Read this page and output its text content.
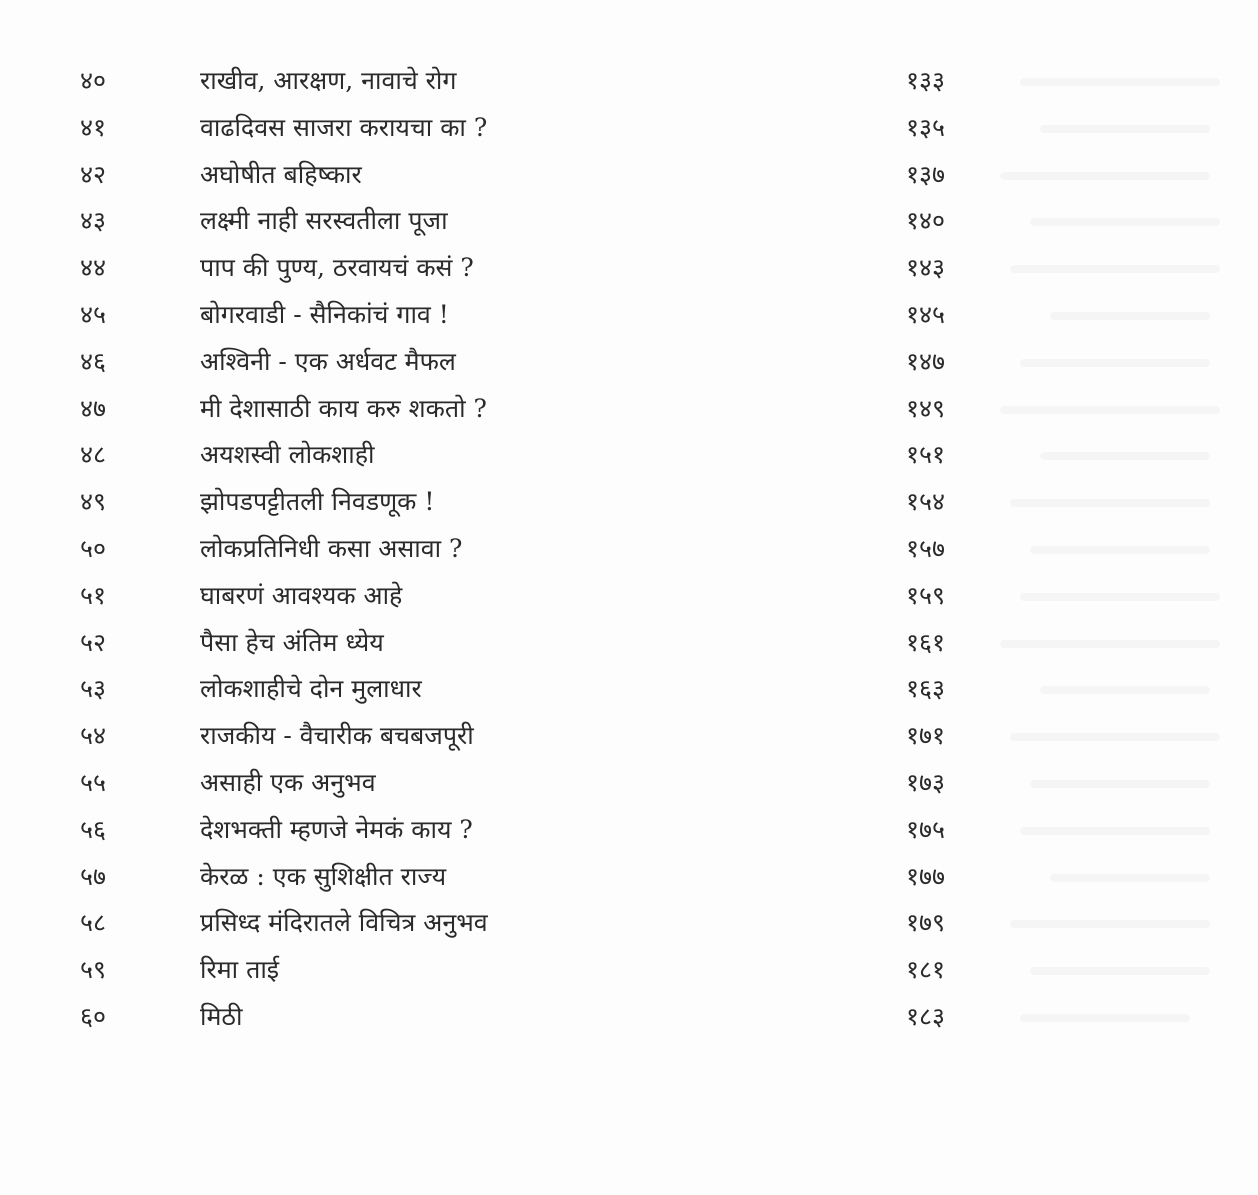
४०	राखीव, आरक्षण, नावाचे रोग	१३३
४१	वाढदिवस साजरा करायचा का ?	१३५
४२	अघोषीत बहिष्कार	१३७
४३	लक्ष्मी नाही सरस्वतीला पूजा	१४०
४४	पाप की पुण्य, ठरवायचं कसं ?	१४३
४५	बोगरवाडी - सैनिकांचं गाव !	१४५
४६	अश्विनी - एक अर्धवट मैफल	१४७
४७	मी देशासाठी काय करु शकतो ?	१४९
४८	अयशस्वी लोकशाही	१५१
४९	झोपडपट्टीतली निवडणूक !	१५४
५०	लोकप्रतिनिधी कसा असावा ?	१५७
५१	घाबरणं आवश्यक आहे	१५९
५२	पैसा हेच अंतिम ध्येय	१६१
५३	लोकशाहीचे दोन मुलाधार	१६३
५४	राजकीय - वैचारीक बचबजपूरी	१७१
५५	असाही एक अनुभव	१७३
५६	देशभक्ती म्हणजे नेमकं काय ?	१७५
५७	केरळ : एक सुशिक्षीत राज्य	१७७
५८	प्रसिध्द मंदिरातले विचित्र अनुभव	१७९
५९	रिमा ताई	१८१
६०	मिठी	१८३
